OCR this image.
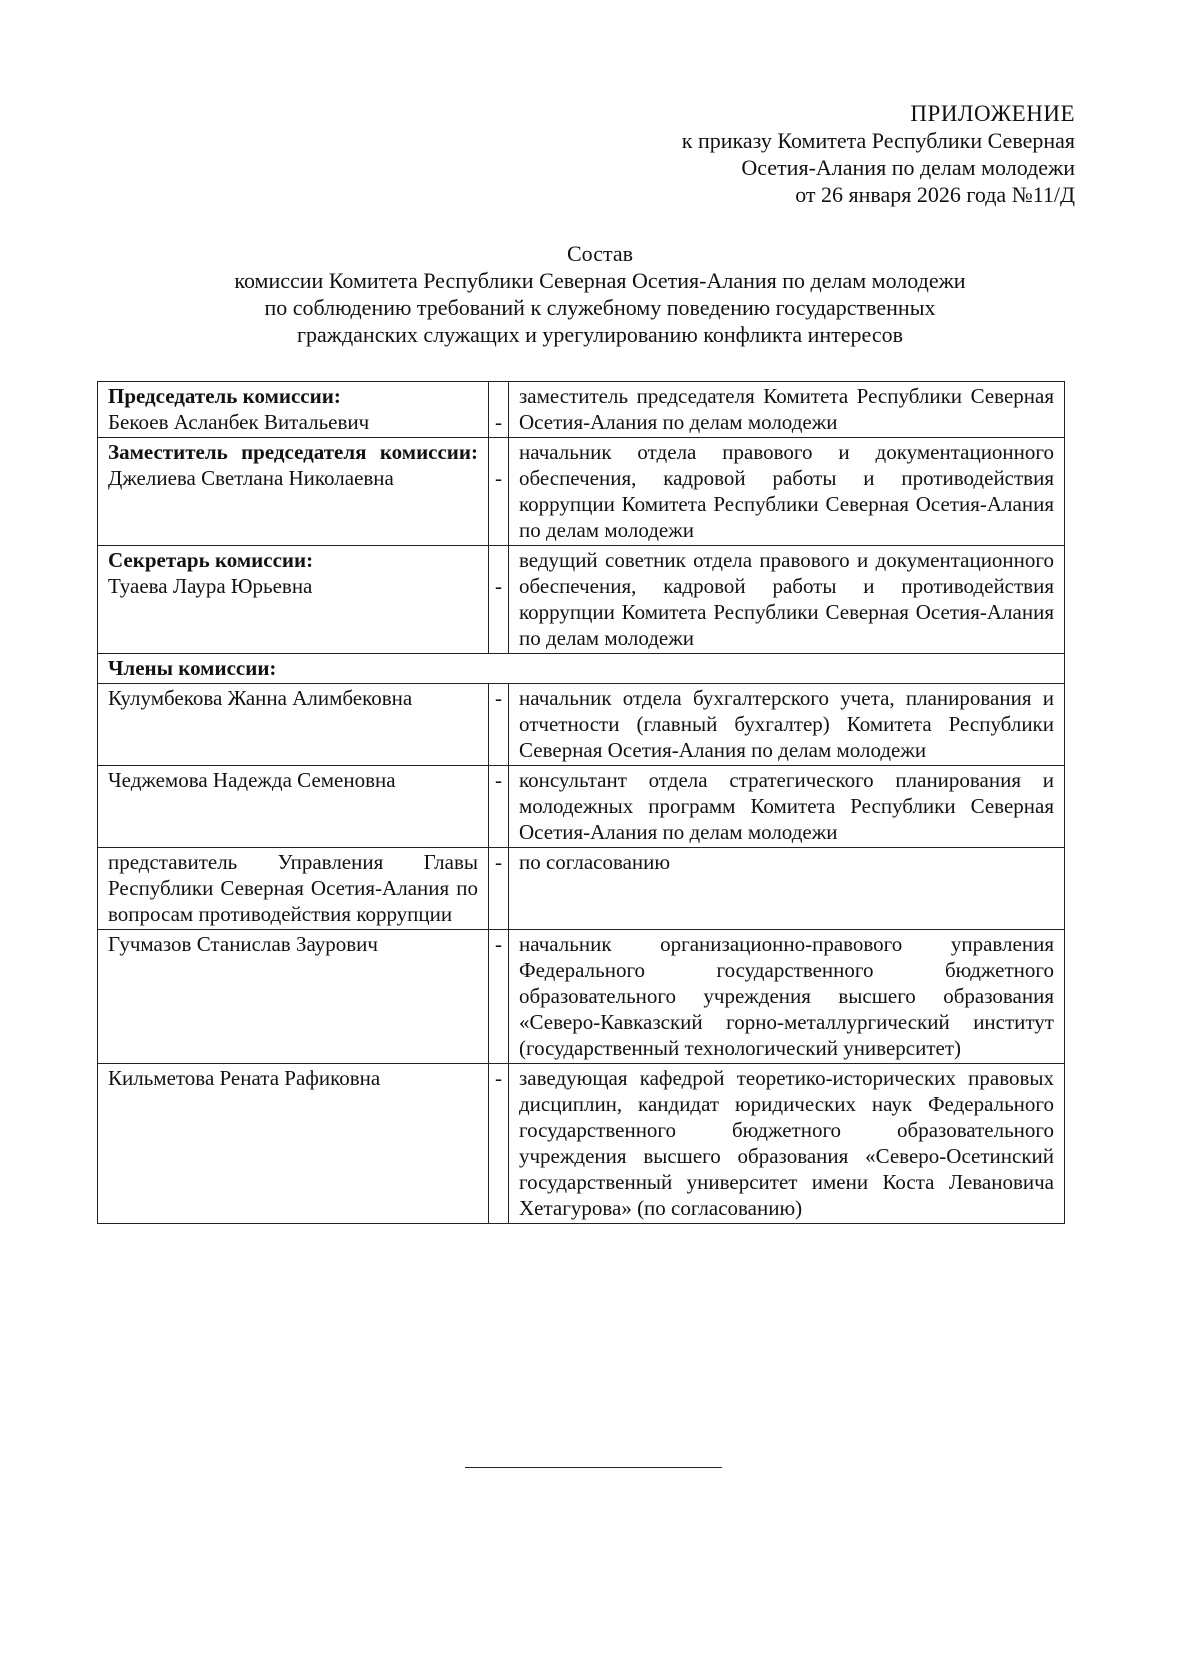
ПРИЛОЖЕНИЕ
к приказу Комитета Республики Северная
Осетия-Алания по делам молодежи
от 26 января 2026 года №11/Д
Состав
комиссии Комитета Республики Северная Осетия-Алания по делам молодежи
по соблюдению требований к служебному поведению государственных
гражданских служащих и урегулированию конфликта интересов
Председатель комиссии:
Бекоев Асланбек Витальевич	-	заместитель председателя Комитета Республики Северная Осетия-Алания по делам молодежи

Заместитель председателя комиссии:
Джелиева Светлана Николаевна	-	начальник отдела правового и документационного обеспечения, кадровой работы и противодействия коррупции Комитета Республики Северная Осетия-Алания по делам молодежи

Секретарь комиссии:
Туаева Лаура Юрьевна	-	ведущий советник отдела правового и документационного обеспечения, кадровой работы и противодействия коррупции Комитета Республики Северная Осетия-Алания по делам молодежи
Члены комиссии:		
Кулумбекова Жанна Алимбековна	-	начальник отдела бухгалтерского учета, планирования и отчетности (главный бухгалтер) Комитета Республики Северная Осетия-Алания по делам молодежи
Чеджемова Надежда Семеновна	-	консультант отдела стратегического планирования и молодежных программ Комитета Республики Северная Осетия-Алания по делам молодежи
представитель Управления Главы Республики Северная Осетия-Алания по вопросам противодействия коррупции	-	по согласованию
Гучмазов Станислав Заурович	-	начальник организационно-правового управления Федерального государственного бюджетного образовательного учреждения высшего образования «Северо-Кавказский горно-металлургический институт (государственный технологический университет)
Кильметова Рената Рафиковна	-	заведующая кафедрой теоретико-исторических правовых дисциплин, кандидат юридических наук Федерального государственного бюджетного образовательного учреждения высшего образования «Северо-Осетинский государственный университет имени Коста Левановича Хетагурова» (по согласованию)
